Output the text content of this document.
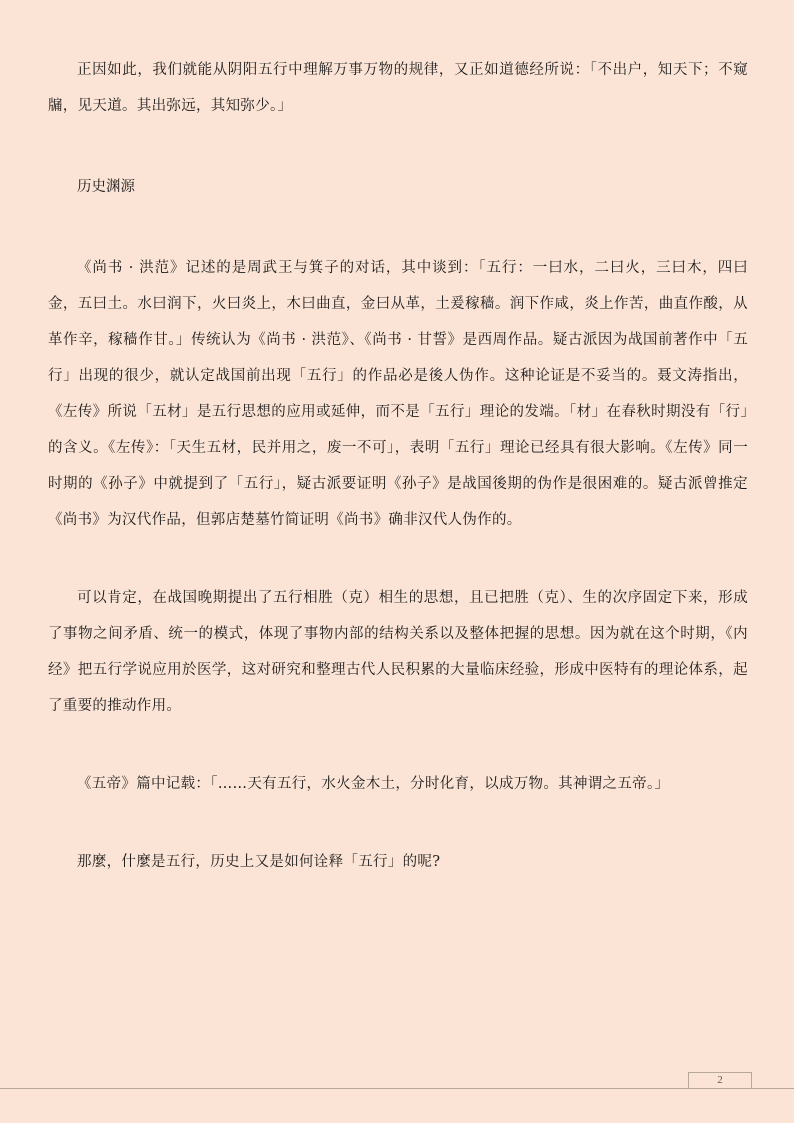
正因如此，我们就能从阴阳五行中理解万事万物的规律，又正如道德经所说：「不出户，知天下；不窥牖，见天道。其出弥远，其知弥少。」

历史渊源

《尚书 · 洪范》记述的是周武王与箕子的对话，其中谈到：「五行：一曰水，二曰火，三曰木，四曰金，五曰土。水曰润下，火曰炎上，木曰曲直，金曰从革，土爰稼穑。润下作咸，炎上作苦，曲直作酸，从革作辛，稼穑作甘。」传统认为《尚书 · 洪范》、《尚书 · 甘誓》是西周作品。疑古派因为战国前著作中「五行」出现的很少，就认定战国前出现「五行」的作品必是後人伪作。这种论证是不妥当的。聂文涛指出，《左传》所说「五材」是五行思想的应用或延伸，而不是「五行」理论的发端。「材」在春秋时期没有「行」的含义。《左传》：「天生五材，民并用之，废一不可」，表明「五行」理论已经具有很大影响。《左传》同一时期的《孙子》中就提到了「五行」，疑古派要证明《孙子》是战国後期的伪作是很困难的。疑古派曾推定《尚书》为汉代作品，但郭店楚墓竹简证明《尚书》确非汉代人伪作的。

可以肯定，在战国晚期提出了五行相胜（克）相生的思想，且已把胜（克）、生的次序固定下来，形成了事物之间矛盾、统一的模式，体现了事物内部的结构关系以及整体把握的思想。因为就在这个时期，《内经》把五行学说应用於医学，这对研究和整理古代人民积累的大量临床经验，形成中医特有的理论体系，起了重要的推动作用。

《五帝》篇中记载：「……天有五行，水火金木土，分时化育，以成万物。其神谓之五帝。」

那麼，什麼是五行，历史上又是如何诠释「五行」的呢?

2
